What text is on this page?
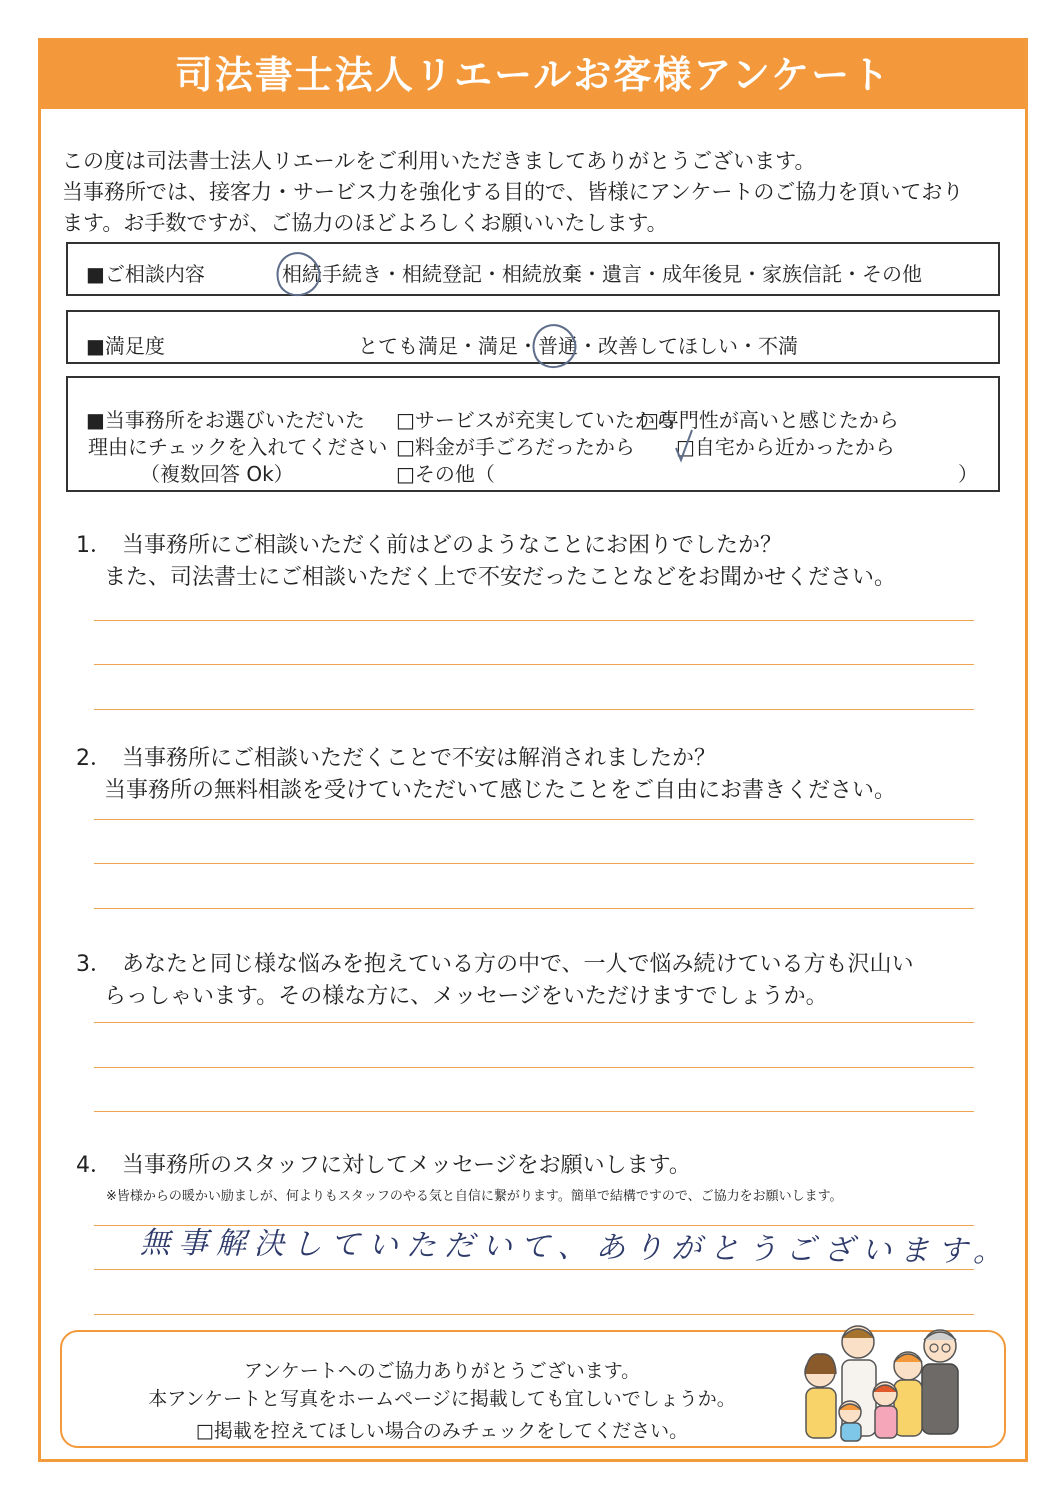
司法書士法人リエールお客様アンケート
この度は司法書士法人リエールをご利用いただきましてありがとうございます。
当事務所では、接客力・サービス力を強化する目的で、皆様にアンケートのご協力を頂いており
ます。お手数ですが、ご協力のほどよろしくお願いいたします。
■ご相談内容	相続手続き・相続登記・相続放棄・遺言・成年後見・家族信託・その他
■満足度	とても満足・満足・普通・改善してほしい・不満
■当事務所をお選びいただいた
理由にチェックを入れてください
（複数回答 Ok）
□サービスが充実していたから
□専門性が高いと感じたから
□料金が手ごろだったから □自宅から近かったから
□その他（	）
1． 当事務所にご相談いただく前はどのようなことにお困りでしたか？
また、司法書士にご相談いただく上で不安だったことなどをお聞かせください。
2． 当事務所にご相談いただくことで不安は解消されましたか？
当事務所の無料相談を受けていただいて感じたことをご自由にお書きください。
3． あなたと同じ様な悩みを抱えている方の中で、一人で悩み続けている方も沢山い
らっしゃいます。その様な方に、メッセージをいただけますでしょうか。
4． 当事務所のスタッフに対してメッセージをお願いします。
※皆様からの暖かい励ましが、何よりもスタッフのやる気と自信に繋がります。簡単で結構ですので、ご協力をお願いします。
無事解決していただいて、ありがとうございます。
アンケートへのご協力ありがとうございます。
本アンケートと写真をホームページに掲載しても宜しいでしょうか。
□掲載を控えてほしい場合のみチェックをしてください。
